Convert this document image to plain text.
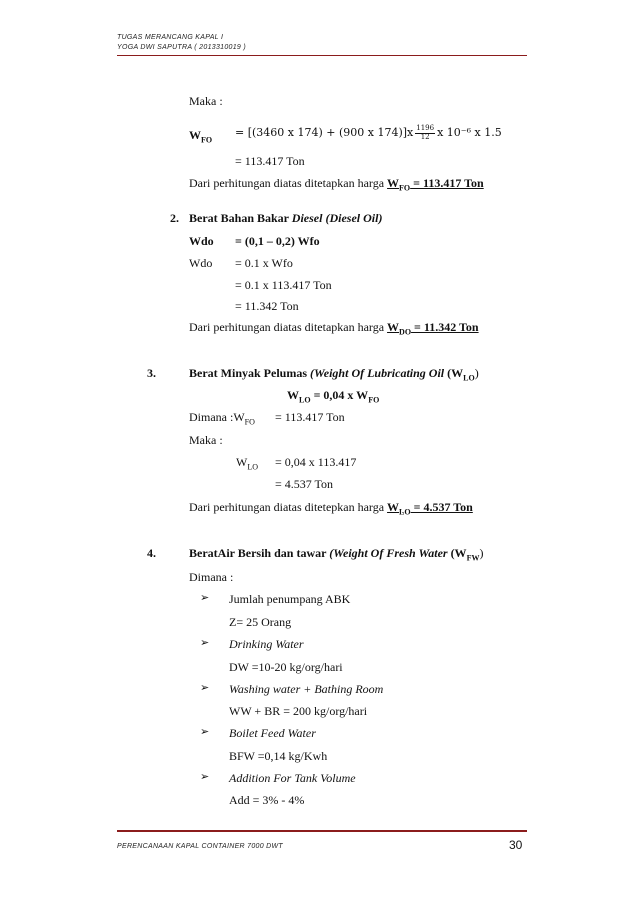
TUGAS MERANCANG KAPAL I
YOGA DWI SAPUTRA ( 2013310019 )
Maka :
$W_{FO}$
= [(3460 x 174) + (900 x $174)]x \frac{1196}{12}$ x 10⁻⁶ x 1.5
= 113.417 Ton
Dari perhitungan diatas ditetapkan harga $W_{FO} = 113.417$ Ton
2. Berat Bahan Bakar Diesel (Diesel Oil)
Wdo = (0,1 – 0,2) Wfo
Wdo = 0.1 x Wfo
= 0.1 x 113.417 Ton
= 11.342 Ton
Dari perhitungan diatas ditetapkan harga $W_{DO} = 11.342$ Ton
3.	Berat Minyak Pelumas (Weight Of Lubricating Oil $(W_{LO})$
$W_{LO} = 0,04$ x $W_{FO}$
Dimana $:W_{FO} = 113.417$ Ton
Maka :
$W_{LO} = 0,04$ x 113.417
= 4.537 Ton
Dari perhitungan diatas ditetepkan harga $W_{LO} = 4.537$ Ton
4.	BeratAir Bersih dan tawar (Weight Of Fresh Water $(W_{FW})$
Dimana :
➢ Jumlah penumpang ABK
Z= 25 Orang
➢ Drinking Water
DW =10-20 kg/org/hari
➢ Washing water + Bathing Room
WW + BR = 200 kg/org/hari
➢ Boilet Feed Water
BFW =0,14 kg/Kwh
➢ Addition For Tank Volume
Add = 3% - 4%
PERENCANAAN KAPAL CONTAINER 7000 DWT	30
